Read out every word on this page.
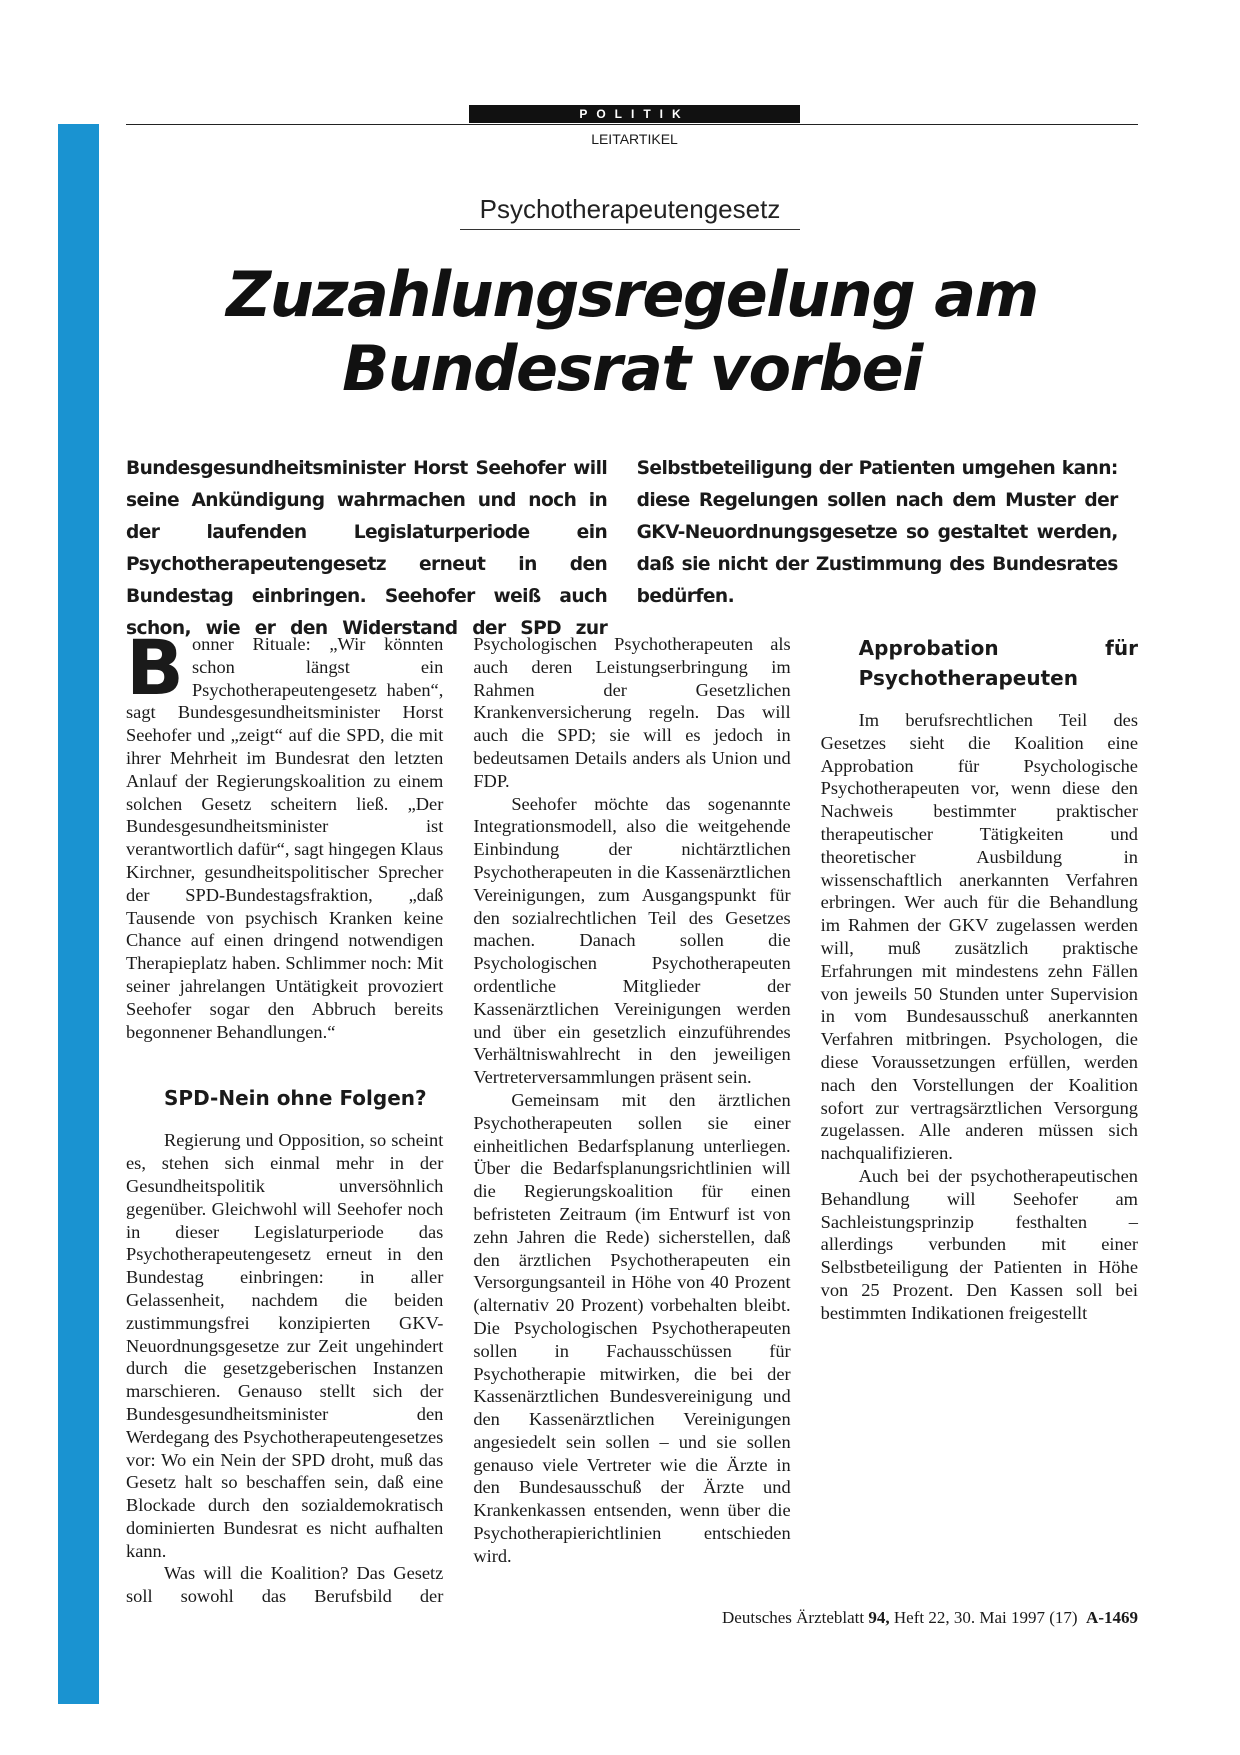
POLITIK
LEITARTIKEL
Psychotherapeutengesetz
Zuzahlungsregelung am Bundesrat vorbei

Bundesgesundheitsminister Horst Seehofer will seine Ankündigung wahrmachen und noch in der laufenden Legislaturperiode ein Psychotherapeutengesetz erneut in den Bundestag einbringen. Seehofer weiß auch schon, wie er den Widerstand der SPD zur Selbstbeteiligung der Patienten umgehen kann: diese Regelungen sollen nach dem Muster der GKV-Neuordnungsgesetze so gestaltet werden, daß sie nicht der Zustimmung des Bundesrates bedürfen.

Bonner Rituale: „Wir könnten schon längst ein Psychotherapeutengesetz haben“, sagt Bundesgesundheitsminister Horst Seehofer und „zeigt“ auf die SPD, die mit ihrer Mehrheit im Bundesrat den letzten Anlauf der Regierungskoalition zu einem solchen Gesetz scheitern ließ. „Der Bundesgesundheitsminister ist verantwortlich dafür“, sagt hingegen Klaus Kirchner, gesundheitspolitischer Sprecher der SPD-Bundestagsfraktion, „daß Tausende von psychisch Kranken keine Chance auf einen dringend notwendigen Therapieplatz haben. Schlimmer noch: Mit seiner jahrelangen Untätigkeit provoziert Seehofer sogar den Abbruch bereits begonnener Behandlungen.“

SPD-Nein ohne Folgen?

Regierung und Opposition, so scheint es, stehen sich einmal mehr in der Gesundheitspolitik unversöhnlich gegenüber. Gleichwohl will Seehofer noch in dieser Legislaturperiode das Psychotherapeutengesetz erneut in den Bundestag einbringen: in aller Gelassenheit, nachdem die beiden zustimmungsfrei konzipierten GKV-Neuordnungsgesetze zur Zeit ungehindert durch die gesetzgeberischen Instanzen marschieren. Genauso stellt sich der Bundesgesundheitsminister den Werdegang des Psychotherapeutengesetzes vor: Wo ein Nein der SPD droht, muß das Gesetz halt so beschaffen sein, daß eine Blockade durch den sozialdemokratisch dominierten Bundesrat es nicht aufhalten kann.

Was will die Koalition? Das Gesetz soll sowohl das Berufsbild der Psychologischen Psychotherapeuten als auch deren Leistungserbringung im Rahmen der Gesetzlichen Krankenversicherung regeln. Das will auch die SPD; sie will es jedoch in bedeutsamen Details anders als Union und FDP.

Seehofer möchte das sogenannte Integrationsmodell, also die weitgehende Einbindung der nichtärztlichen Psychotherapeuten in die Kassenärztlichen Vereinigungen, zum Ausgangspunkt für den sozialrechtlichen Teil des Gesetzes machen. Danach sollen die Psychologischen Psychotherapeuten ordentliche Mitglieder der Kassenärztlichen Vereinigungen werden und über ein gesetzlich einzuführendes Verhältniswahlrecht in den jeweiligen Vertreterversammlungen präsent sein.

Gemeinsam mit den ärztlichen Psychotherapeuten sollen sie einer einheitlichen Bedarfsplanung unterliegen. Über die Bedarfsplanungsrichtlinien will die Regierungskoalition für einen befristeten Zeitraum (im Entwurf ist von zehn Jahren die Rede) sicherstellen, daß den ärztlichen Psychotherapeuten ein Versorgungsanteil in Höhe von 40 Prozent (alternativ 20 Prozent) vorbehalten bleibt. Die Psychologischen Psychotherapeuten sollen in Fachausschüssen für Psychotherapie mitwirken, die bei der Kassenärztlichen Bundesvereinigung und den Kassenärztlichen Vereinigungen angesiedelt sein sollen – und sie sollen genauso viele Vertreter wie die Ärzte in den Bundesausschuß der Ärzte und Krankenkassen entsenden, wenn über die Psychotherapierichtlinien entschieden wird.

Approbation für Psychotherapeuten

Im berufsrechtlichen Teil des Gesetzes sieht die Koalition eine Approbation für Psychologische Psychotherapeuten vor, wenn diese den Nachweis bestimmter praktischer therapeutischer Tätigkeiten und theoretischer Ausbildung in wissenschaftlich anerkannten Verfahren erbringen. Wer auch für die Behandlung im Rahmen der GKV zugelassen werden will, muß zusätzlich praktische Erfahrungen mit mindestens zehn Fällen von jeweils 50 Stunden unter Supervision in vom Bundesausschuß anerkannten Verfahren mitbringen. Psychologen, die diese Voraussetzungen erfüllen, werden nach den Vorstellungen der Koalition sofort zur vertragsärztlichen Versorgung zugelassen. Alle anderen müssen sich nachqualifizieren.

Auch bei der psychotherapeutischen Behandlung will Seehofer am Sachleistungsprinzip festhalten – allerdings verbunden mit einer Selbstbeteiligung der Patienten in Höhe von 25 Prozent. Den Kassen soll bei bestimmten Indikationen freigestellt

Deutsches Ärzteblatt 94, Heft 22, 30. Mai 1997 (17) A-1469
